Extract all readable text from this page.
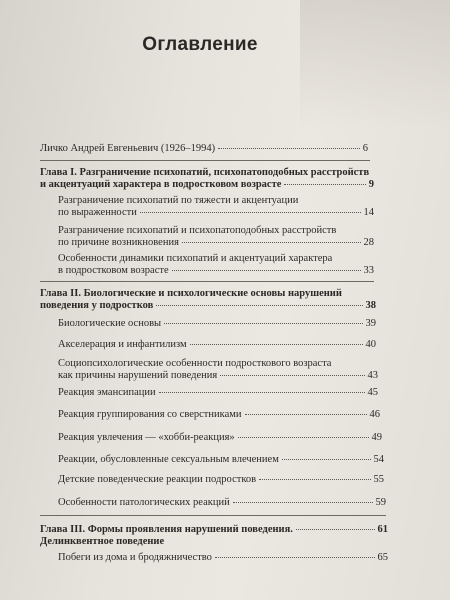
Оглавление
Личко Андрей Евгеньевич (1926–1994)	6
Глава I. Разграничение психопатий, психопатоподобных расстройств
и акцентуаций характера в подростковом возрасте	9
Разграничение психопатий по тяжести и акцентуации
по выраженности	14
Разграничение психопатий и психопатоподобных расстройств
по причине возникновения	28
Особенности динамики психопатий и акцентуаций характера
в подростковом возрасте	33
Глава II. Биологические и психологические основы нарушений
поведения у подростков	38
Биологические основы	39
Акселерация и инфантилизм	40
Социопсихологические особенности подросткового возраста
как причины нарушений поведения	43
Реакция эмансипации	45
Реакция группирования со сверстниками	46
Реакция увлечения — «хобби-реакция»	49
Реакции, обусловленные сексуальным влечением	54
Детские поведенческие реакции подростков	55
Особенности патологических реакций	59
Глава III. Формы проявления нарушений поведения.	61
Делинквентное поведение
Побеги из дома и бродяжничество	65
